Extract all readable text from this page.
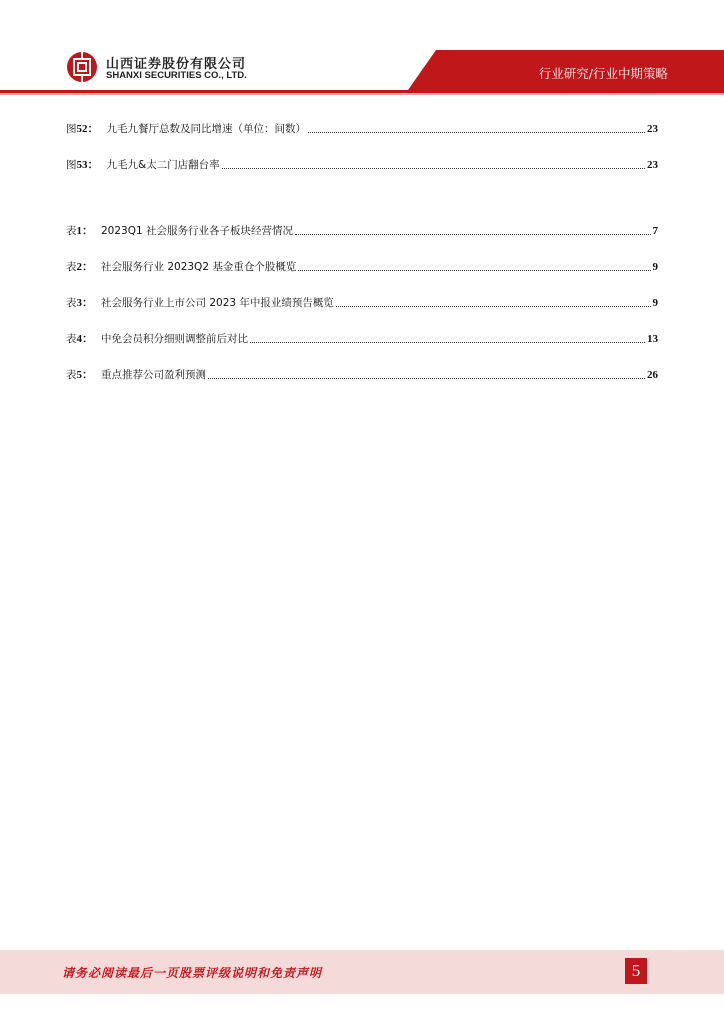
山西证券股份有限公司
SHANXI SECURITIES CO., LTD.	行业研究/行业中期策略
图 52： 九毛九餐厅总数及同比增速（单位：间数）	23
图 53： 九毛九&太二门店翻台率	23
表 1： 2023Q1 社会服务行业各子板块经营情况	7
表 2： 社会服务行业 2023Q2 基金重仓个股概览	9
表 3： 社会服务行业上市公司 2023 年中报业绩预告概览	9
表 4： 中免会员积分细则调整前后对比	13
表 5： 重点推荐公司盈利预测	26
请务必阅读最后一页股票评级说明和免责声明	5
